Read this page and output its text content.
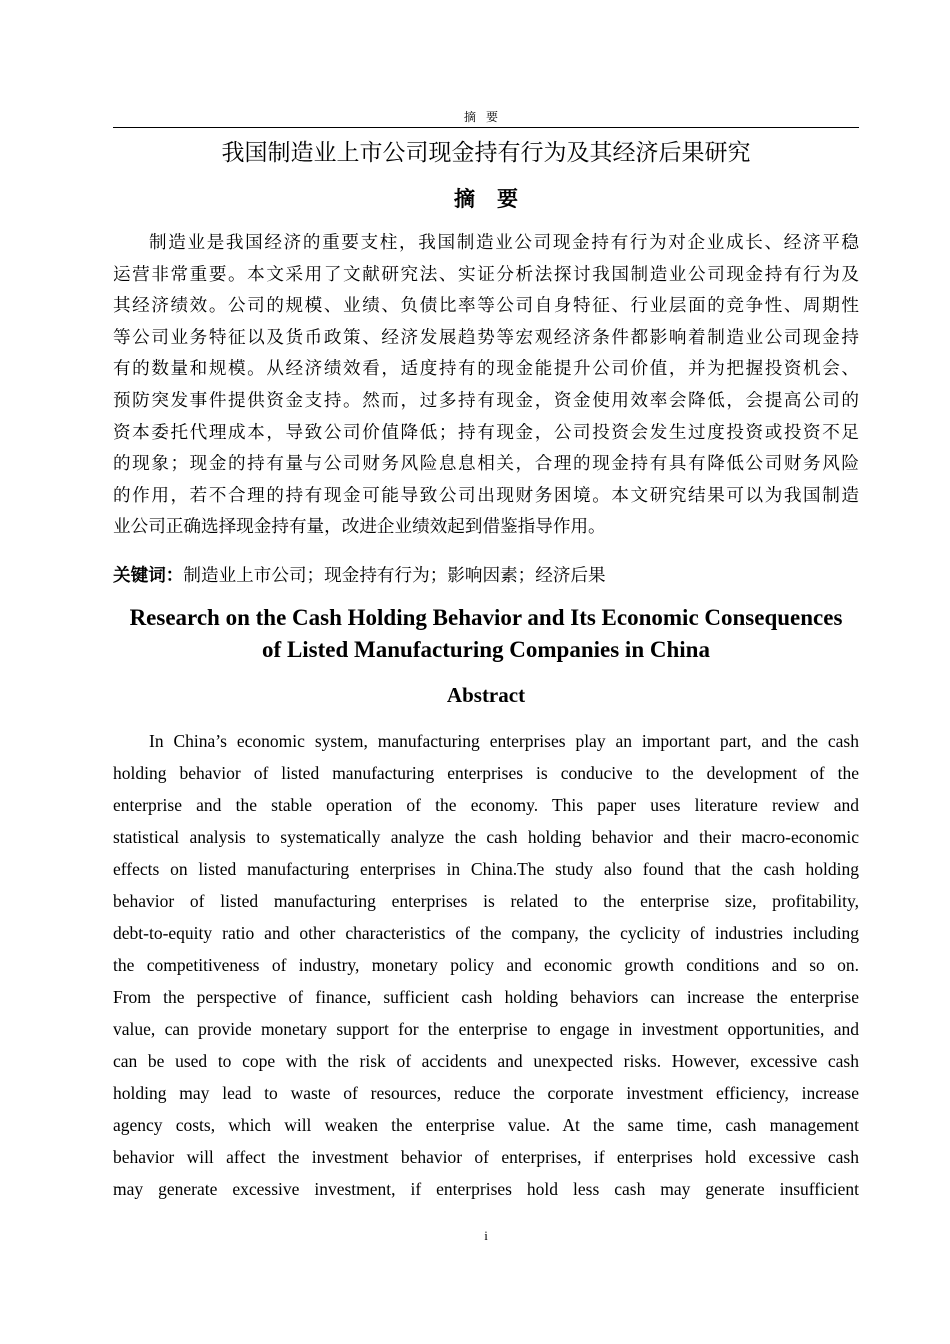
摘要
我国制造业上市公司现金持有行为及其经济后果研究
摘要
制造业是我国经济的重要支柱，我国制造业公司现金持有行为对企业成长、经济平稳
运营非常重要。本文采用了文献研究法、实证分析法探讨我国制造业公司现金持有行为及
其经济绩效。公司的规模、业绩、负债比率等公司自身特征、行业层面的竞争性、周期性
等公司业务特征以及货币政策、经济发展趋势等宏观经济条件都影响着制造业公司现金持
有的数量和规模。从经济绩效看，适度持有的现金能提升公司价值，并为把握投资机会、
预防突发事件提供资金支持。然而，过多持有现金，资金使用效率会降低，会提高公司的
资本委托代理成本，导致公司价值降低；持有现金，公司投资会发生过度投资或投资不足
的现象；现金的持有量与公司财务风险息息相关，合理的现金持有具有降低公司财务风险
的作用，若不合理的持有现金可能导致公司出现财务困境。本文研究结果可以为我国制造
业公司正确选择现金持有量，改进企业绩效起到借鉴指导作用。
关键词：制造业上市公司；现金持有行为；影响因素；经济后果
Research on the Cash Holding Behavior and Its Economic Consequences
of Listed Manufacturing Companies in China
Abstract
In China’s economic system, manufacturing enterprises play an important part, and the cash
holding behavior of listed manufacturing enterprises is conducive to the development of the
enterprise and the stable operation of the economy. This paper uses literature review and
statistical analysis to systematically analyze the cash holding behavior and their macro-economic
effects on listed manufacturing enterprises in China.The study also found that the cash holding
behavior of listed manufacturing enterprises is related to the enterprise size, profitability,
debt-to-equity ratio and other characteristics of the company, the cyclicity of industries including
the competitiveness of industry, monetary policy and economic growth conditions and so on.
From the perspective of finance, sufficient cash holding behaviors can increase the enterprise
value, can provide monetary support for the enterprise to engage in investment opportunities, and
can be used to cope with the risk of accidents and unexpected risks. However, excessive cash
holding may lead to waste of resources, reduce the corporate investment efficiency, increase
agency costs, which will weaken the enterprise value. At the same time, cash management
behavior will affect the investment behavior of enterprises, if enterprises hold excessive cash
may generate excessive investment, if enterprises hold less cash may generate insufficient
i
